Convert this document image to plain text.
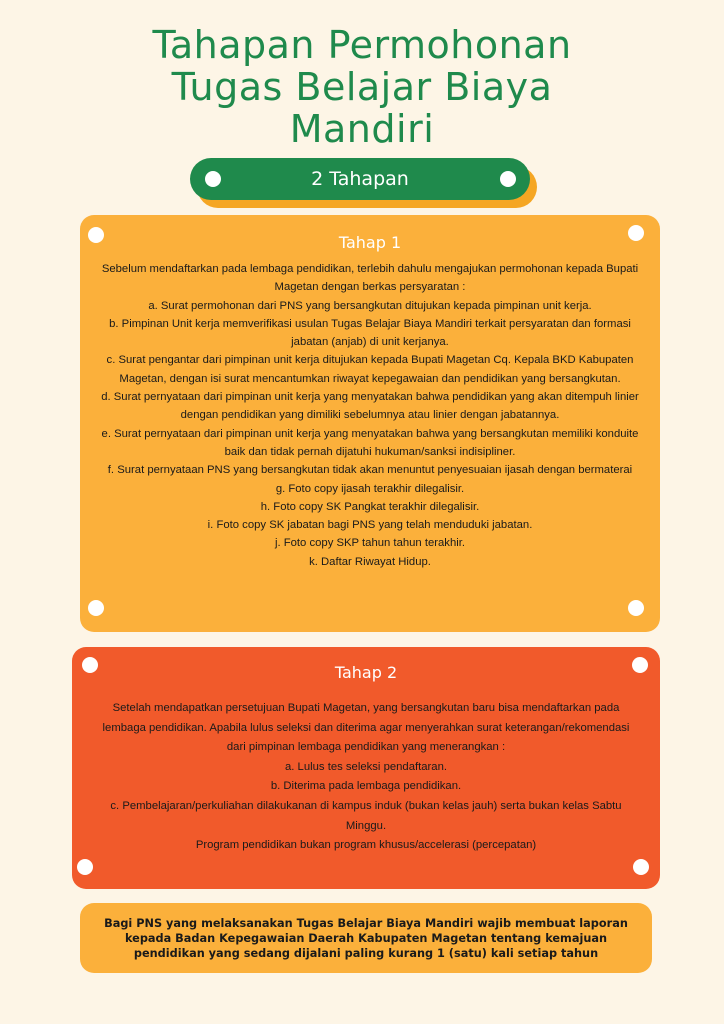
Tahapan Permohonan
Tugas Belajar Biaya
Mandiri
2 Tahapan
Tahap 1

Sebelum mendaftarkan pada lembaga pendidikan, terlebih dahulu mengajukan permohonan kepada Bupati Magetan dengan berkas persyaratan :

a. Surat permohonan dari PNS yang bersangkutan ditujukan kepada pimpinan unit kerja.

b. Pimpinan Unit kerja memverifikasi usulan Tugas Belajar Biaya Mandiri terkait persyaratan dan formasi jabatan (anjab) di unit kerjanya.

c. Surat pengantar dari pimpinan unit kerja ditujukan kepada Bupati Magetan Cq. Kepala BKD Kabupaten Magetan, dengan isi surat mencantumkan riwayat kepegawaian dan pendidikan yang bersangkutan.

d. Surat pernyataan dari pimpinan unit kerja yang menyatakan bahwa pendidikan yang akan ditempuh linier dengan pendidikan yang dimiliki sebelumnya atau linier dengan jabatannya.

e. Surat pernyataan dari pimpinan unit kerja yang menyatakan bahwa yang bersangkutan memiliki konduite baik dan tidak pernah dijatuhi hukuman/sanksi indisipliner.

f. Surat pernyataan PNS yang bersangkutan tidak akan menuntut penyesuaian ijasah dengan bermaterai

g. Foto copy ijasah terakhir dilegalisir.

h. Foto copy SK Pangkat terakhir dilegalisir.

i. Foto copy SK jabatan bagi PNS yang telah menduduki jabatan.

j. Foto copy SKP tahun tahun terakhir.

k. Daftar Riwayat Hidup.

Tahap 2

Setelah mendapatkan persetujuan Bupati Magetan, yang bersangkutan baru bisa mendaftarkan pada lembaga pendidikan. Apabila lulus seleksi dan diterima agar menyerahkan surat keterangan/rekomendasi dari pimpinan lembaga pendidikan yang menerangkan :

a. Lulus tes seleksi pendaftaran.

b. Diterima pada lembaga pendidikan.

c. Pembelajaran/perkuliahan dilakukanan di kampus induk (bukan kelas jauh) serta bukan kelas Sabtu Minggu.

Program pendidikan bukan program khusus/accelerasi (percepatan)

Bagi PNS yang melaksanakan Tugas Belajar Biaya Mandiri wajib membuat laporan kepada Badan Kepegawaian Daerah Kabupaten Magetan tentang kemajuan pendidikan yang sedang dijalani paling kurang 1 (satu) kali setiap tahun
